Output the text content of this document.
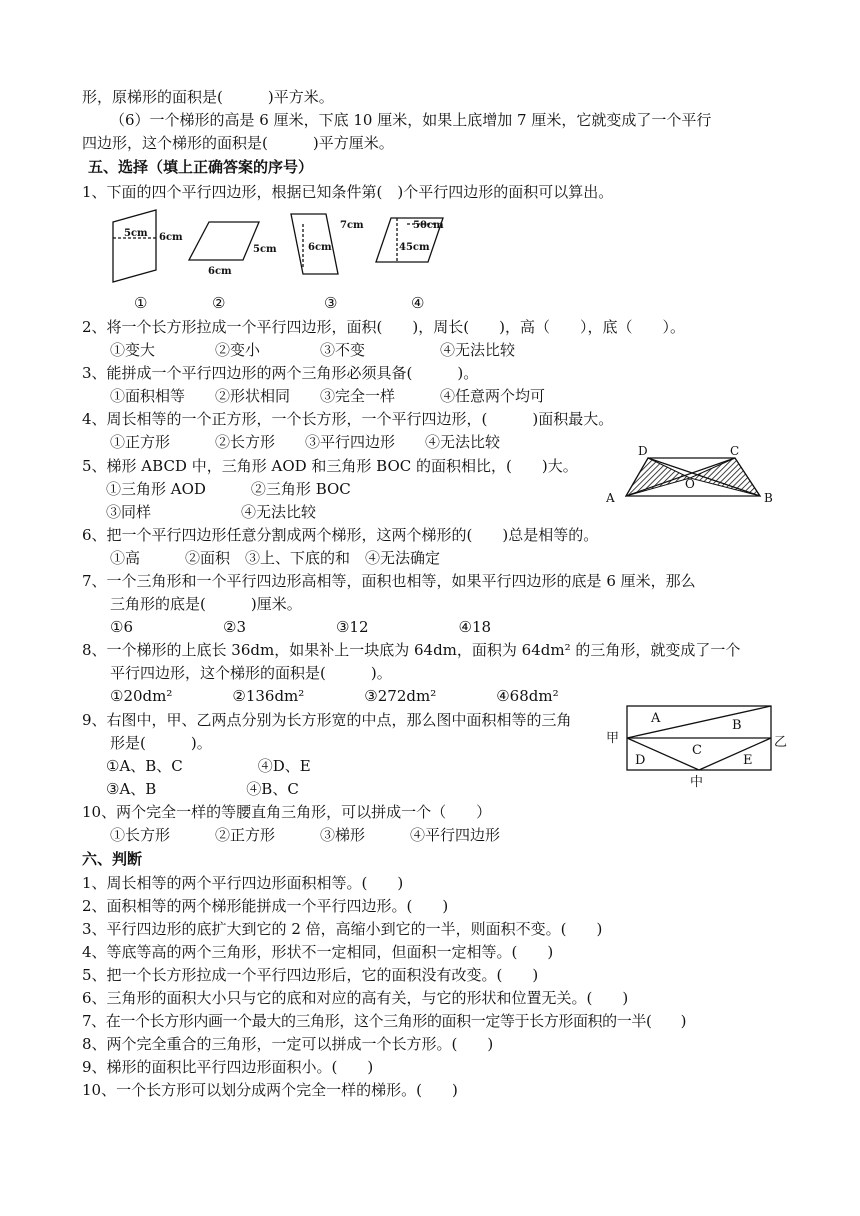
形，原梯形的面积是(　　　)平方米。
（6）一个梯形的高是 6 厘米，下底 10 厘米，如果上底增加 7 厘米，它就变成了一个平行
四边形，这个梯形的面积是(　　　)平方厘米。
五、选择（填上正确答案的序号）
1、下面的四个平行四边形，根据已知条件第(　)个平行四边形的面积可以算出。
5cm 6cm
5cm
6cm
7cm
6cm
50cm
45cm
①	②	③	④
2、将一个长方形拉成一个平行四边形，面积(　　)，周长(　　)，高（　　），底（　　）。
①变大　　　　②变小　　　　③不变　　　　　④无法比较
3、能拼成一个平行四边形的两个三角形必须具备(　　　)。
①面积相等　　②形状相同　　③完全一样　　　④任意两个均可
4、周长相等的一个正方形，一个长方形，一个平行四边形，(　　　)面积最大。
①正方形　　　②长方形　　③平行四边形　　④无法比较
5、梯形 ABCD 中，三角形 AOD 和三角形 BOC 的面积相比，(　　)大。
①三角形 AOD　　　②三角形 BOC
③同样　　　　　　④无法比较
6、把一个平行四边形任意分割成两个梯形，这两个梯形的(　　)总是相等的。
①高　　　②面积　③上、下底的和　④无法确定
7、一个三角形和一个平行四边形高相等，面积也相等，如果平行四边形的底是 6 厘米，那么
三角形的底是(　　　)厘米。
①6　　　　　　②3　　　　　　③12　　　　　　④18
8、一个梯形的上底长 36dm，如果补上一块底为 64dm，面积为 64dm² 的三角形，就变成了一个
平行四边形，这个梯形的面积是(　　　)。
①20dm²　　　　②136dm²　　　　③272dm²　　　　④68dm²
9、右图中，甲、乙两点分别为长方形宽的中点，那么图中面积相等的三角
形是(　　　)。
①A、B、C　　　　　④D、E
③A、B　　　　　　④B、C
10、两个完全一样的等腰直角三角形，可以拼成一个（　　）
①长方形　　　②正方形　　　③梯形　　　④平行四边形
D	C
O
A	B
A	B
甲	乙
C
D	E
中
六、判断
1、周长相等的两个平行四边形面积相等。(　　)
2、面积相等的两个梯形能拼成一个平行四边形。(　　)
3、平行四边形的底扩大到它的 2 倍，高缩小到它的一半，则面积不变。(　　)
4、等底等高的两个三角形，形状不一定相同，但面积一定相等。(　　)
5、把一个长方形拉成一个平行四边形后，它的面积没有改变。(　　)
6、三角形的面积大小只与它的底和对应的高有关，与它的形状和位置无关。(　　)
7、在一个长方形内画一个最大的三角形，这个三角形的面积一定等于长方形面积的一半(　　)
8、两个完全重合的三角形，一定可以拼成一个长方形。(　　)
9、梯形的面积比平行四边形面积小。(　　)
10、一个长方形可以划分成两个完全一样的梯形。(　　)
